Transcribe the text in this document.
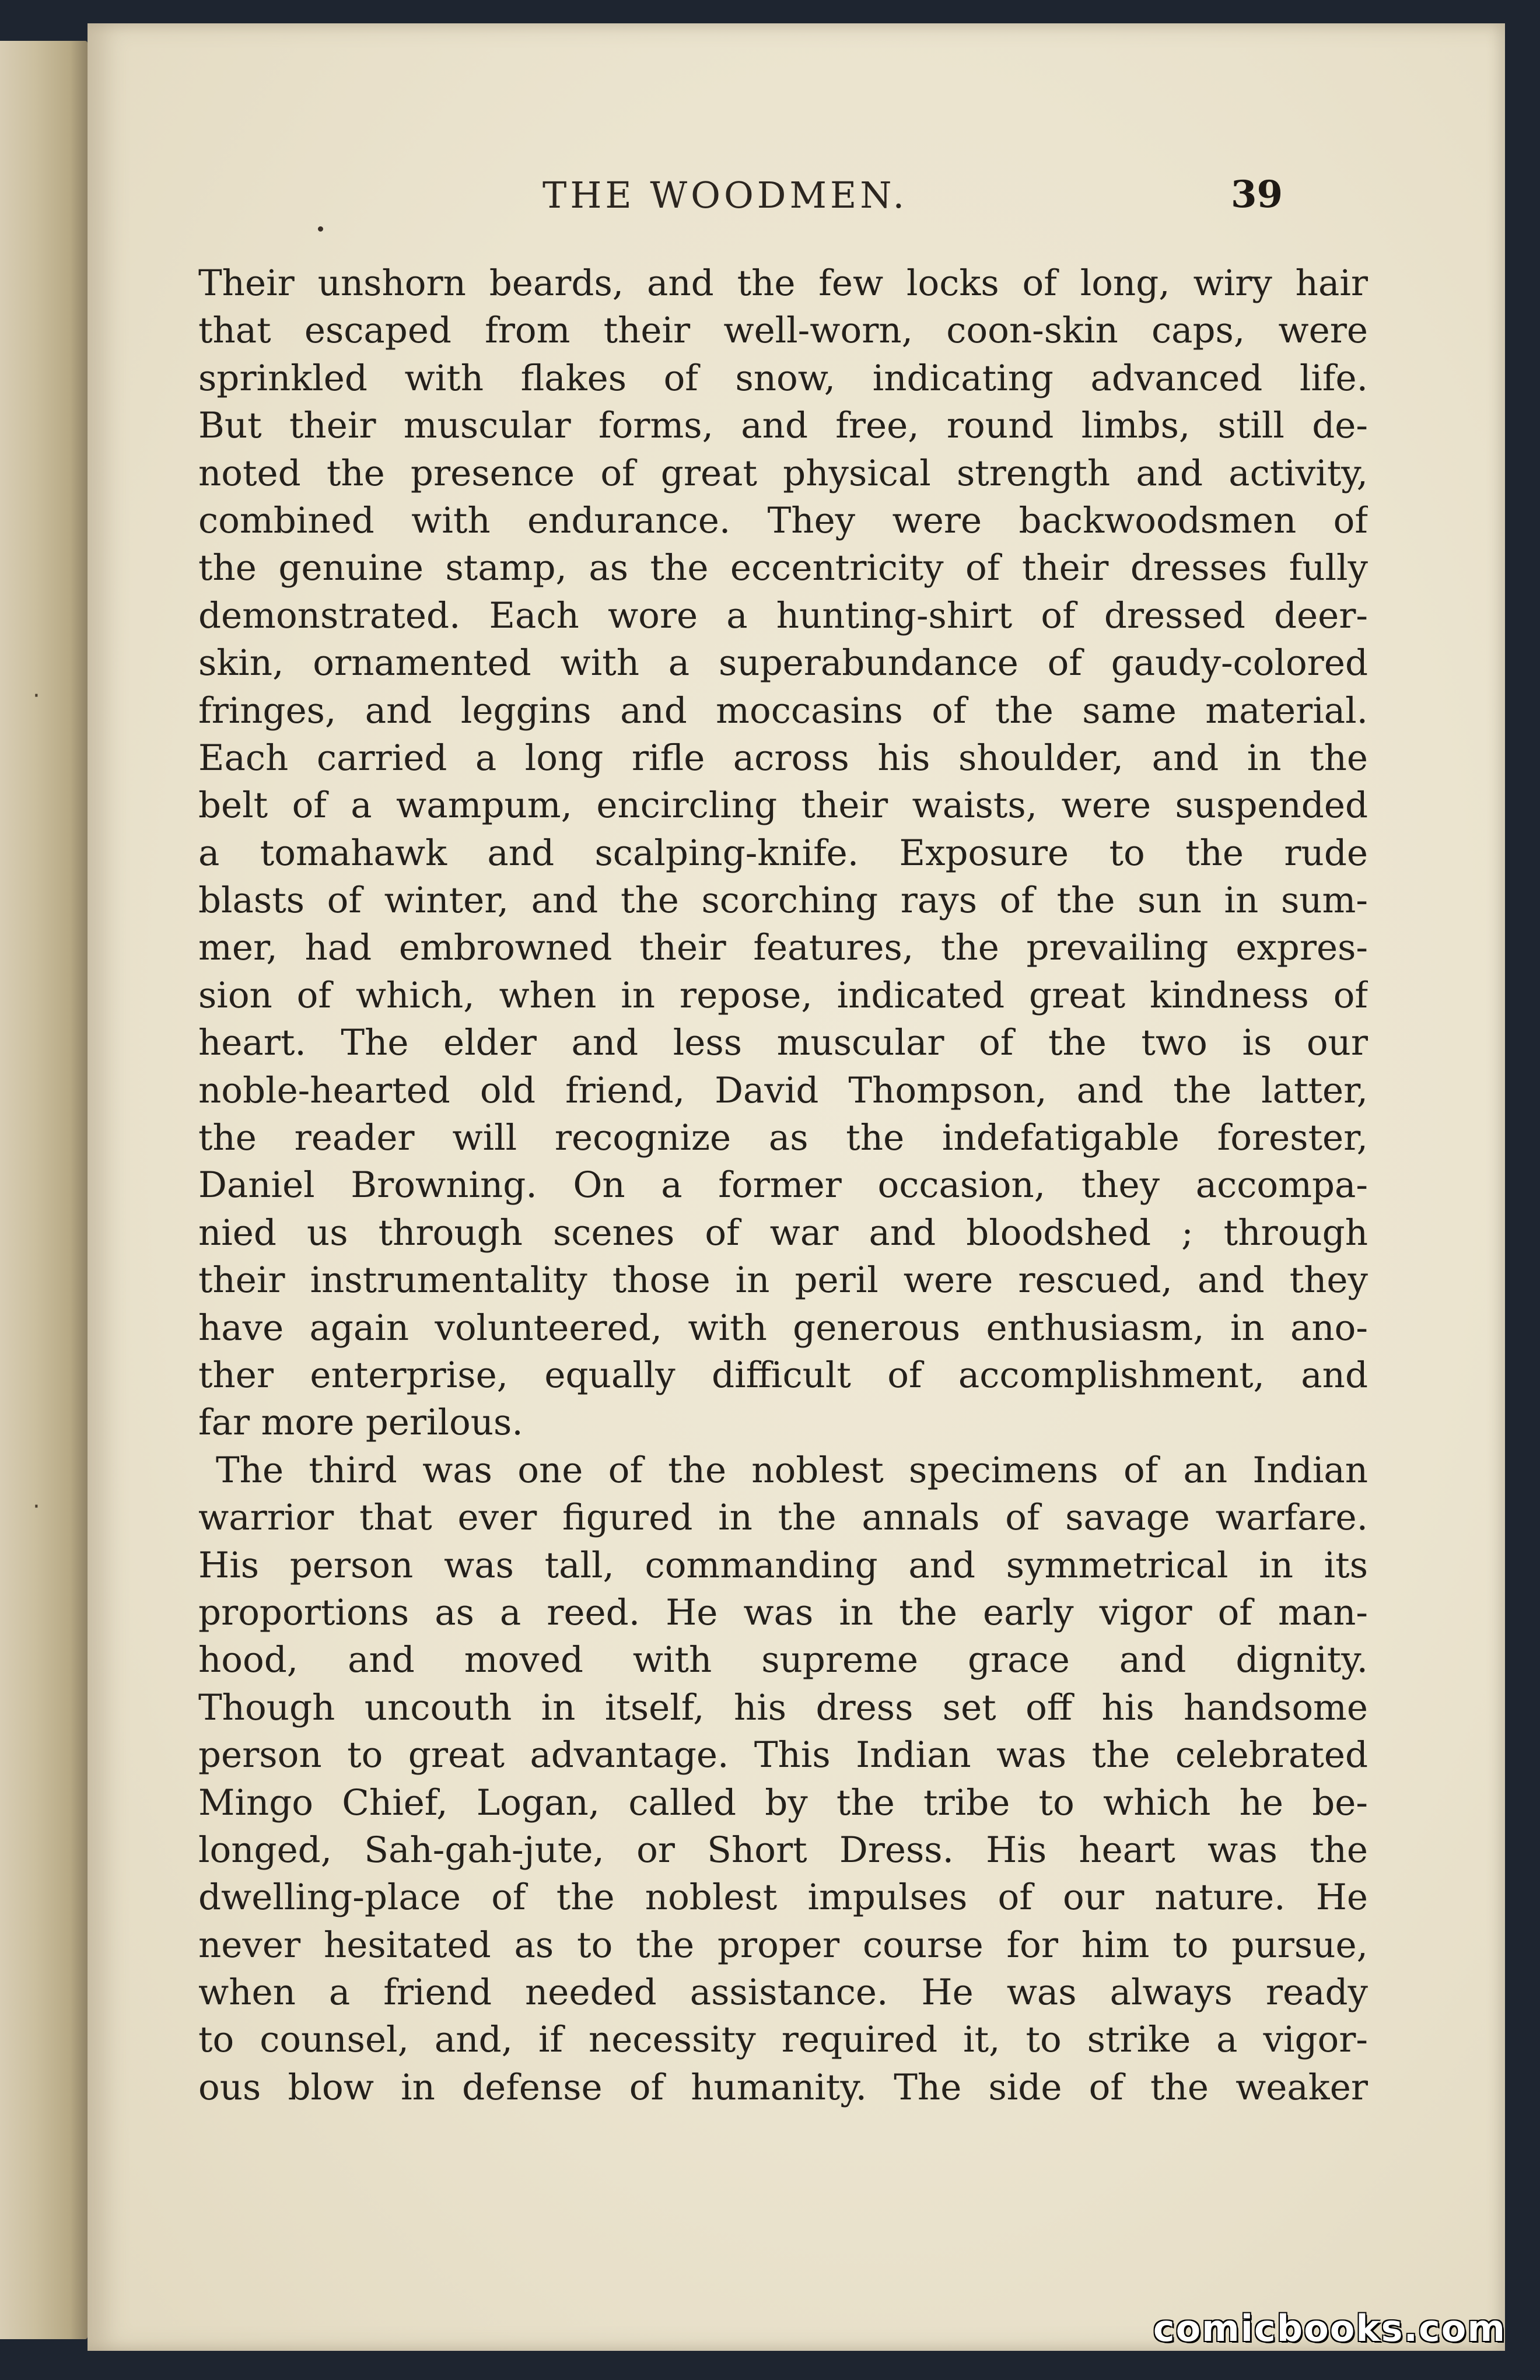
·
·
THE WOODMEN.	39
Their unshorn beards, and the few locks of long, wiry hair
that escaped from their well-worn, coon-skin caps, were
sprinkled with flakes of snow, indicating advanced life.
But their muscular forms, and free, round limbs, still de-
noted the presence of great physical strength and activity,
combined with endurance. They were backwoodsmen of
the genuine stamp, as the eccentricity of their dresses fully
demonstrated. Each wore a hunting-shirt of dressed deer-
skin, ornamented with a superabundance of gaudy-colored
fringes, and leggins and moccasins of the same material.
Each carried a long rifle across his shoulder, and in the
belt of a wampum, encircling their waists, were suspended
a tomahawk and scalping-knife. Exposure to the rude
blasts of winter, and the scorching rays of the sun in sum-
mer, had embrowned their features, the prevailing expres-
sion of which, when in repose, indicated great kindness of
heart. The elder and less muscular of the two is our
noble-hearted old friend, David Thompson, and the latter,
the reader will recognize as the indefatigable forester,
Daniel Browning. On a former occasion, they accompa-
nied us through scenes of war and bloodshed ; through
their instrumentality those in peril were rescued, and they
have again volunteered, with generous enthusiasm, in ano-
ther enterprise, equally difficult of accomplishment, and
far more perilous.
The third was one of the noblest specimens of an Indian
warrior that ever figured in the annals of savage warfare.
His person was tall, commanding and symmetrical in its
proportions as a reed. He was in the early vigor of man-
hood, and moved with supreme grace and dignity.
Though uncouth in itself, his dress set off his handsome
person to great advantage. This Indian was the celebrated
Mingo Chief, Logan, called by the tribe to which he be-
longed, Sah-gah-jute, or Short Dress. His heart was the
dwelling-place of the noblest impulses of our nature. He
never hesitated as to the proper course for him to pursue,
when a friend needed assistance. He was always ready
to counsel, and, if necessity required it, to strike a vigor-
ous blow in defense of humanity. The side of the weaker
comicbooks.com
